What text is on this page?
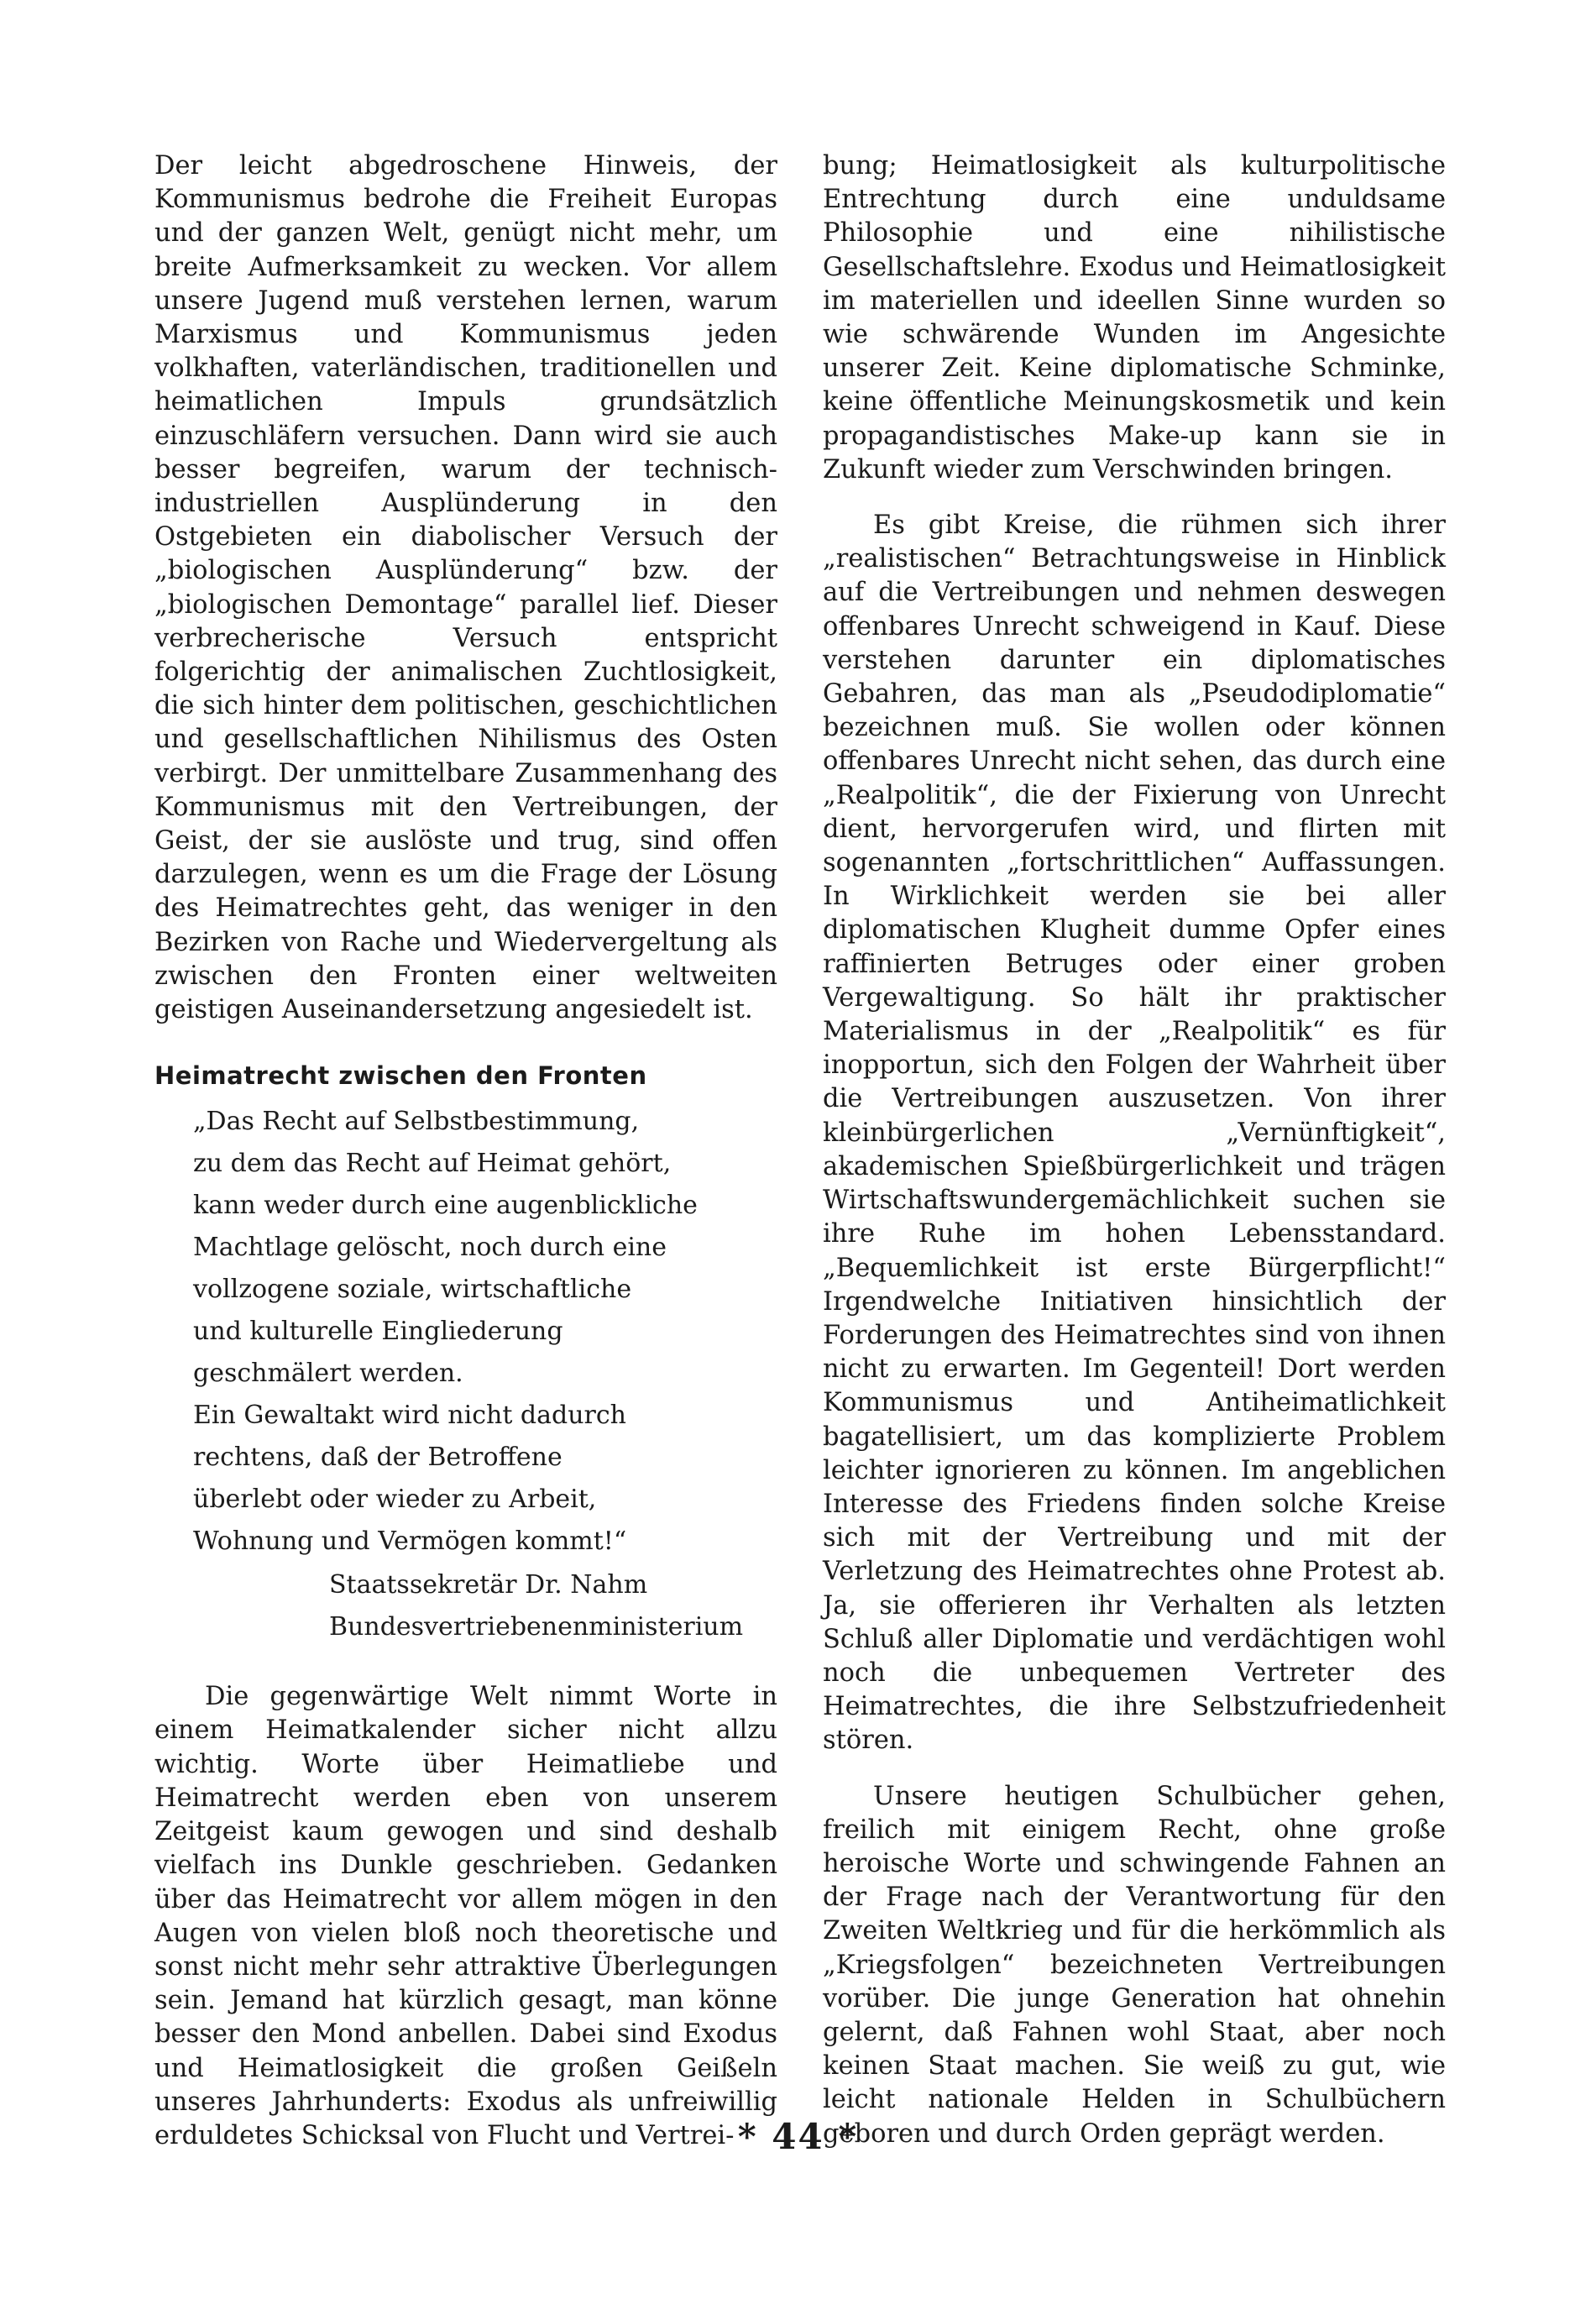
Der leicht abgedroschene Hinweis, der Kommunismus bedrohe die Freiheit Europas und der ganzen Welt, genügt nicht mehr, um breite Aufmerksamkeit zu wecken. Vor allem unsere Jugend muß verstehen lernen, warum Marxismus und Kommunismus jeden volkhaften, vaterländischen, traditionellen und heimatlichen Impuls grundsätzlich einzuschläfern versuchen. Dann wird sie auch besser begreifen, warum der technisch-industriellen Ausplünderung in den Ostgebieten ein diabolischer Versuch der „biologischen Ausplünderung“ bzw. der „biologischen Demontage“ parallel lief. Dieser verbrecherische Versuch entspricht folgerichtig der animalischen Zuchtlosigkeit, die sich hinter dem politischen, geschichtlichen und gesellschaftlichen Nihilismus des Osten verbirgt. Der unmittelbare Zusammenhang des Kommunismus mit den Vertreibungen, der Geist, der sie auslöste und trug, sind offen darzulegen, wenn es um die Frage der Lösung des Heimatrechtes geht, das weniger in den Bezirken von Rache und Wiedervergeltung als zwischen den Fronten einer weltweiten geistigen Auseinandersetzung angesiedelt ist.

Heimatrecht zwischen den Fronten
„Das Recht auf Selbstbestimmung,
zu dem das Recht auf Heimat gehört,
kann weder durch eine augenblickliche
Machtlage gelöscht, noch durch eine
vollzogene soziale, wirtschaftliche
und kulturelle Eingliederung
geschmälert werden.
Ein Gewaltakt wird nicht dadurch
rechtens, daß der Betroffene
überlebt oder wieder zu Arbeit,
Wohnung und Vermögen kommt!“
Staatssekretär Dr. Nahm
Bundesvertriebenenministerium

Die gegenwärtige Welt nimmt Worte in einem Heimatkalender sicher nicht allzu wichtig. Worte über Heimatliebe und Heimatrecht werden eben von unserem Zeitgeist kaum gewogen und sind deshalb vielfach ins Dunkle geschrieben. Gedanken über das Heimatrecht vor allem mögen in den Augen von vielen bloß noch theoretische und sonst nicht mehr sehr attraktive Überlegungen sein. Jemand hat kürzlich gesagt, man könne besser den Mond anbellen. Dabei sind Exodus und Heimatlosigkeit die großen Geißeln unseres Jahrhunderts: Exodus als unfreiwillig erduldetes Schicksal von Flucht und Vertrei-

bung; Heimatlosigkeit als kulturpolitische Entrechtung durch eine unduldsame Philosophie und eine nihilistische Gesellschaftslehre. Exodus und Heimatlosigkeit im materiellen und ideellen Sinne wurden so wie schwärende Wunden im Angesichte unserer Zeit. Keine diplomatische Schminke, keine öffentliche Meinungskosmetik und kein propagandistisches Make-up kann sie in Zukunft wieder zum Verschwinden bringen.

Es gibt Kreise, die rühmen sich ihrer „realistischen“ Betrachtungsweise in Hinblick auf die Vertreibungen und nehmen deswegen offenbares Unrecht schweigend in Kauf. Diese verstehen darunter ein diplomatisches Gebahren, das man als „Pseudodiplomatie“ bezeichnen muß. Sie wollen oder können offenbares Unrecht nicht sehen, das durch eine „Realpolitik“, die der Fixierung von Unrecht dient, hervorgerufen wird, und flirten mit sogenannten „fortschrittlichen“ Auffassungen. In Wirklichkeit werden sie bei aller diplomatischen Klugheit dumme Opfer eines raffinierten Betruges oder einer groben Vergewaltigung. So hält ihr praktischer Materialismus in der „Realpolitik“ es für inopportun, sich den Folgen der Wahrheit über die Vertreibungen auszusetzen. Von ihrer kleinbürgerlichen „Vernünftigkeit“, akademischen Spießbürgerlichkeit und trägen Wirtschaftswundergemächlichkeit suchen sie ihre Ruhe im hohen Lebensstandard. „Bequemlichkeit ist erste Bürgerpflicht!“ Irgendwelche Initiativen hinsichtlich der Forderungen des Heimatrechtes sind von ihnen nicht zu erwarten. Im Gegenteil! Dort werden Kommunismus und Antiheimatlichkeit bagatellisiert, um das komplizierte Problem leichter ignorieren zu können. Im angeblichen Interesse des Friedens finden solche Kreise sich mit der Vertreibung und mit der Verletzung des Heimatrechtes ohne Protest ab. Ja, sie offerieren ihr Verhalten als letzten Schluß aller Diplomatie und verdächtigen wohl noch die unbequemen Vertreter des Heimatrechtes, die ihre Selbstzufriedenheit stören.

Unsere heutigen Schulbücher gehen, freilich mit einigem Recht, ohne große heroische Worte und schwingende Fahnen an der Frage nach der Verantwortung für den Zweiten Weltkrieg und für die herkömmlich als „Kriegsfolgen“ bezeichneten Vertreibungen vorüber. Die junge Generation hat ohnehin gelernt, daß Fahnen wohl Staat, aber noch keinen Staat machen. Sie weiß zu gut, wie leicht nationale Helden in Schulbüchern geboren und durch Orden geprägt werden.

* 44 *
